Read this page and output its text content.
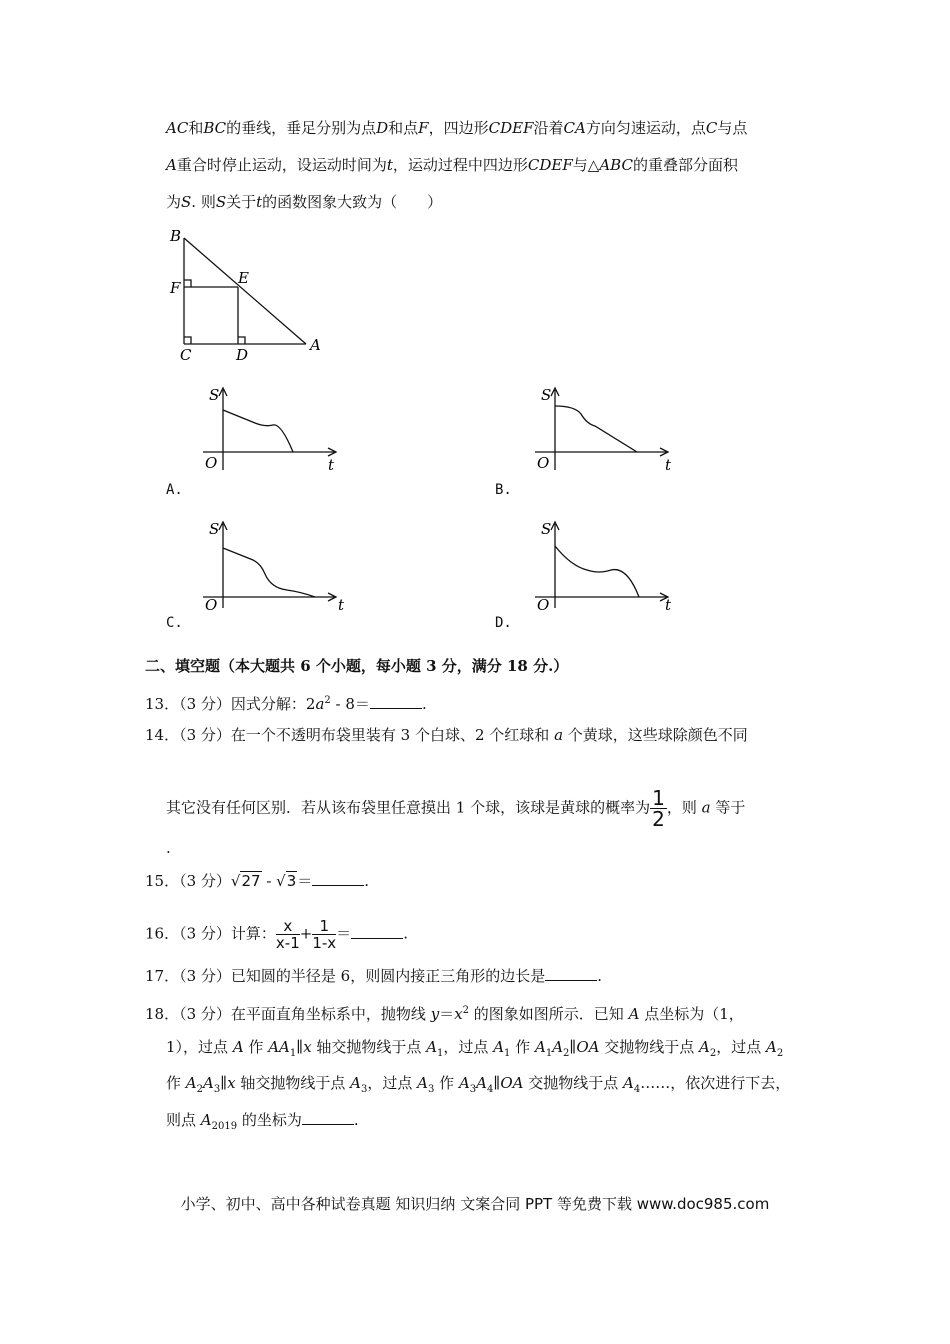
AC和BC的垂线，垂足分别为点D和点F，四边形CDEF沿着CA方向匀速运动，点C与点
A重合时停止运动，设运动时间为t，运动过程中四边形CDEF与△ABC的重叠部分面积
为S. 则S关于t的函数图象大致为（　　）
B
E
F
C	D
A
S
O	t
A.
S
O	t
B.
S
O	t
C.
S
O	t
D.
二、填空题（本大题共 6 个小题，每小题 3 分，满分 18 分.）
13．（3 分）因式分解：$2a^2 - 8=$	.
14．（3 分）在一个不透明布袋里装有 3 个白球、2 个红球和 a 个黄球，这些球除颜色不同
其它没有任何区别．若从该布袋里任意摸出 1 个球，该球是黄球的概率为 $\frac{1}{2}$ ，则 a 等于
.
15．（3 分）√27 - √3＝	.
16．（3 分）计算： $\frac{x}{x-1} + \frac{1}{1-x}$ ＝	.
17．（3 分）已知圆的半径是 6，则圆内接正三角形的边长是	.
18．（3 分）在平面直角坐标系中，抛物线 $y=x^2$ 的图象如图所示．已知 A 点坐标为（1，
1），过点 A 作 $AA_1\parallel x$ 轴交抛物线于点 $A_1$，过点 $A_1$ 作 $A_1A_2\parallel OA$ 交抛物线于点 $A_2$，过点 $A_2$
作 $A_2A_3\parallel x$ 轴交抛物线于点 $A_3$，过点 $A_3$ 作 $A_3A_4\parallel OA$ 交抛物线于点 $A_4\dots\dots$，依次进行下去，
则点 $A_{2019}$ 的坐标为	.
小学、初中、高中各种试卷真题 知识归纳 文案合同 PPT 等免费下载 www.doc985.com
